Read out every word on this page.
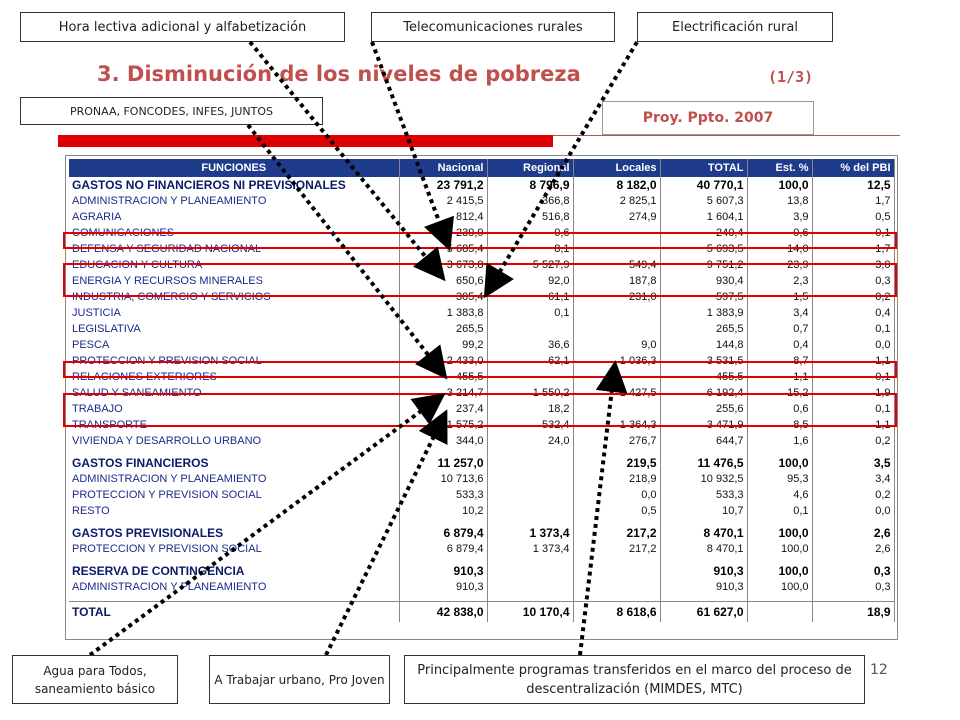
Hora lectiva adicional y alfabetización	Telecomunicaciones rurales	Electrificación rural
PRONAA, FONCODES, INFES, JUNTOS
3. Disminución de los niveles de pobreza	(1/3)
Proy. Ppto. 2007
FUNCIONES	Nacional	Regional	Locales	TOTAL	Est. %	% del PBI
GASTOS NO FINANCIEROS NI PREVISIONALES	23 791,2	8 796,9	8 182,0	40 770,1	100,0	12,5
ADMINISTRACION Y PLANEAMIENTO	2 415,5	366,8	2 825,1	5 607,3	13,8	1,7
AGRARIA	812,4	516,8	274,9	1 604,1	3,9	0,5
COMUNICACIONES	239,9	0,6		240,4	0,6	0,1
DEFENSA Y SEGURIDAD NACIONAL	5 685,4	8,1		5 693,5	14,0	1,7
EDUCACION Y CULTURA	3 673,8	5 527,9	549,4	9 751,2	23,9	3,0
ENERGIA Y RECURSOS MINERALES	650,6	92,0	187,8	930,4	2,3	0,3
INDUSTRIA, COMERCIO Y SERVICIOS	305,4	61,1	231,0	597,5	1,5	0,2
JUSTICIA	1 383,8	0,1		1 383,9	3,4	0,4
LEGISLATIVA	265,5			265,5	0,7	0,1
PESCA	99,2	36,6	9,0	144,8	0,4	0,0
PROTECCION Y PREVISION SOCIAL	2 433,0	62,1	1 036,3	3 531,5	8,7	1,1
RELACIONES EXTERIORES	455,5			455,5	1,1	0,1
SALUD Y SANEAMIENTO	3 214,7	1 550,2	1 427,5	6 192,4	15,2	1,9
TRABAJO	237,4	18,2		255,6	0,6	0,1
TRANSPORTE	1 575,2	532,4	1 364,3	3 471,9	8,5	1,1
VIVIENDA Y DESARROLLO URBANO	344,0	24,0	276,7	644,7	1,6	0,2

GASTOS FINANCIEROS	11 257,0		219,5	11 476,5	100,0	3,5
ADMINISTRACION Y PLANEAMIENTO	10 713,6		218,9	10 932,5	95,3	3,4
PROTECCION Y PREVISION SOCIAL	533,3		0,0	533,3	4,6	0,2
RESTO	10,2		0,5	10,7	0,1	0,0

GASTOS PREVISIONALES	6 879,4	1 373,4	217,2	8 470,1	100,0	2,6
PROTECCION Y PREVISION SOCIAL	6 879,4	1 373,4	217,2	8 470,1	100,0	2,6

RESERVA DE CONTINGENCIA	910,3			910,3	100,0	0,3
ADMINISTRACION Y PLANEAMIENTO	910,3			910,3	100,0	0,3

TOTAL	42 838,0	10 170,4	8 618,6	61 627,0		18,9
Agua para Todos, saneamiento básico
A Trabajar urbano, Pro Joven
Principalmente programas transferidos en el marco del proceso de descentralización (MIMDES, MTC)
12
